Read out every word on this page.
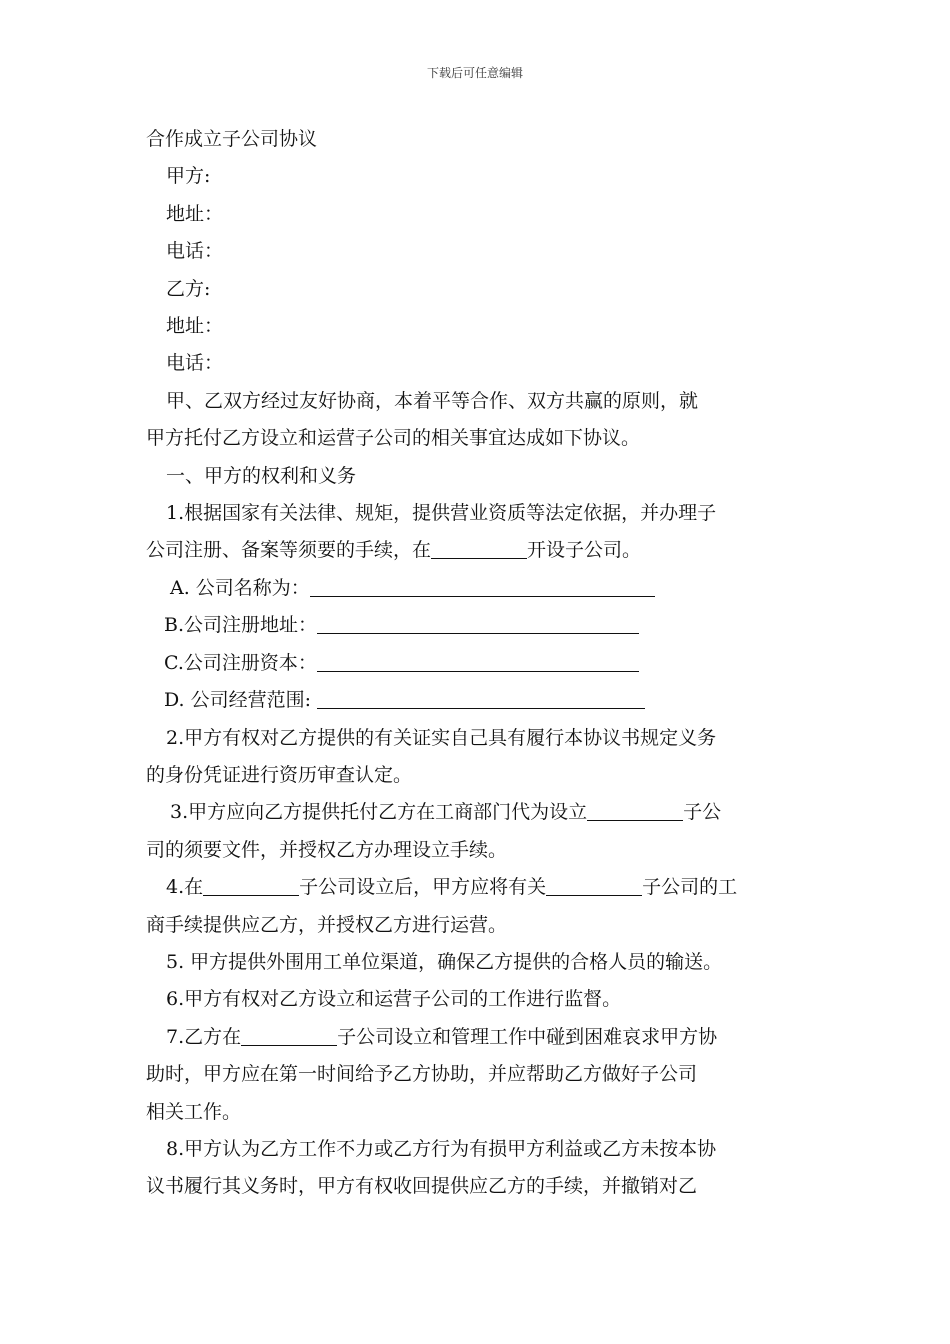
下载后可任意编辑

合作成立子公司协议

甲方:

地址：

电话：

乙方:

地址：

电话：

甲、乙双方经过友好协商，本着平等合作、双方共赢的原则，就

甲方托付乙方设立和运营子公司的相关事宜达成如下协议。

一、甲方的权利和义务

1.根据国家有关法律、规矩，提供营业资质等法定依据，并办理子

公司注册、备案等须要的手续，在	开设子公司。

A. 公司名称为：

B.公司注册地址：

C.公司注册资本：

D. 公司经营范围:

2.甲方有权对乙方提供的有关证实自己具有履行本协议书规定义务

的身份凭证进行资历审查认定。

3.甲方应向乙方提供托付乙方在工商部门代为设立	子公

司的须要文件，并授权乙方办理设立手续。

4.在	子公司设立后，甲方应将有关	子公司的工

商手续提供应乙方，并授权乙方进行运营。

5. 甲方提供外围用工单位渠道，确保乙方提供的合格人员的输送。

6.甲方有权对乙方设立和运营子公司的工作进行监督。

7.乙方在	子公司设立和管理工作中碰到困难哀求甲方协

助时，甲方应在第一时间给予乙方协助，并应帮助乙方做好子公司

相关工作。

8.甲方认为乙方工作不力或乙方行为有损甲方利益或乙方未按本协

议书履行其义务时，甲方有权收回提供应乙方的手续，并撤销对乙
